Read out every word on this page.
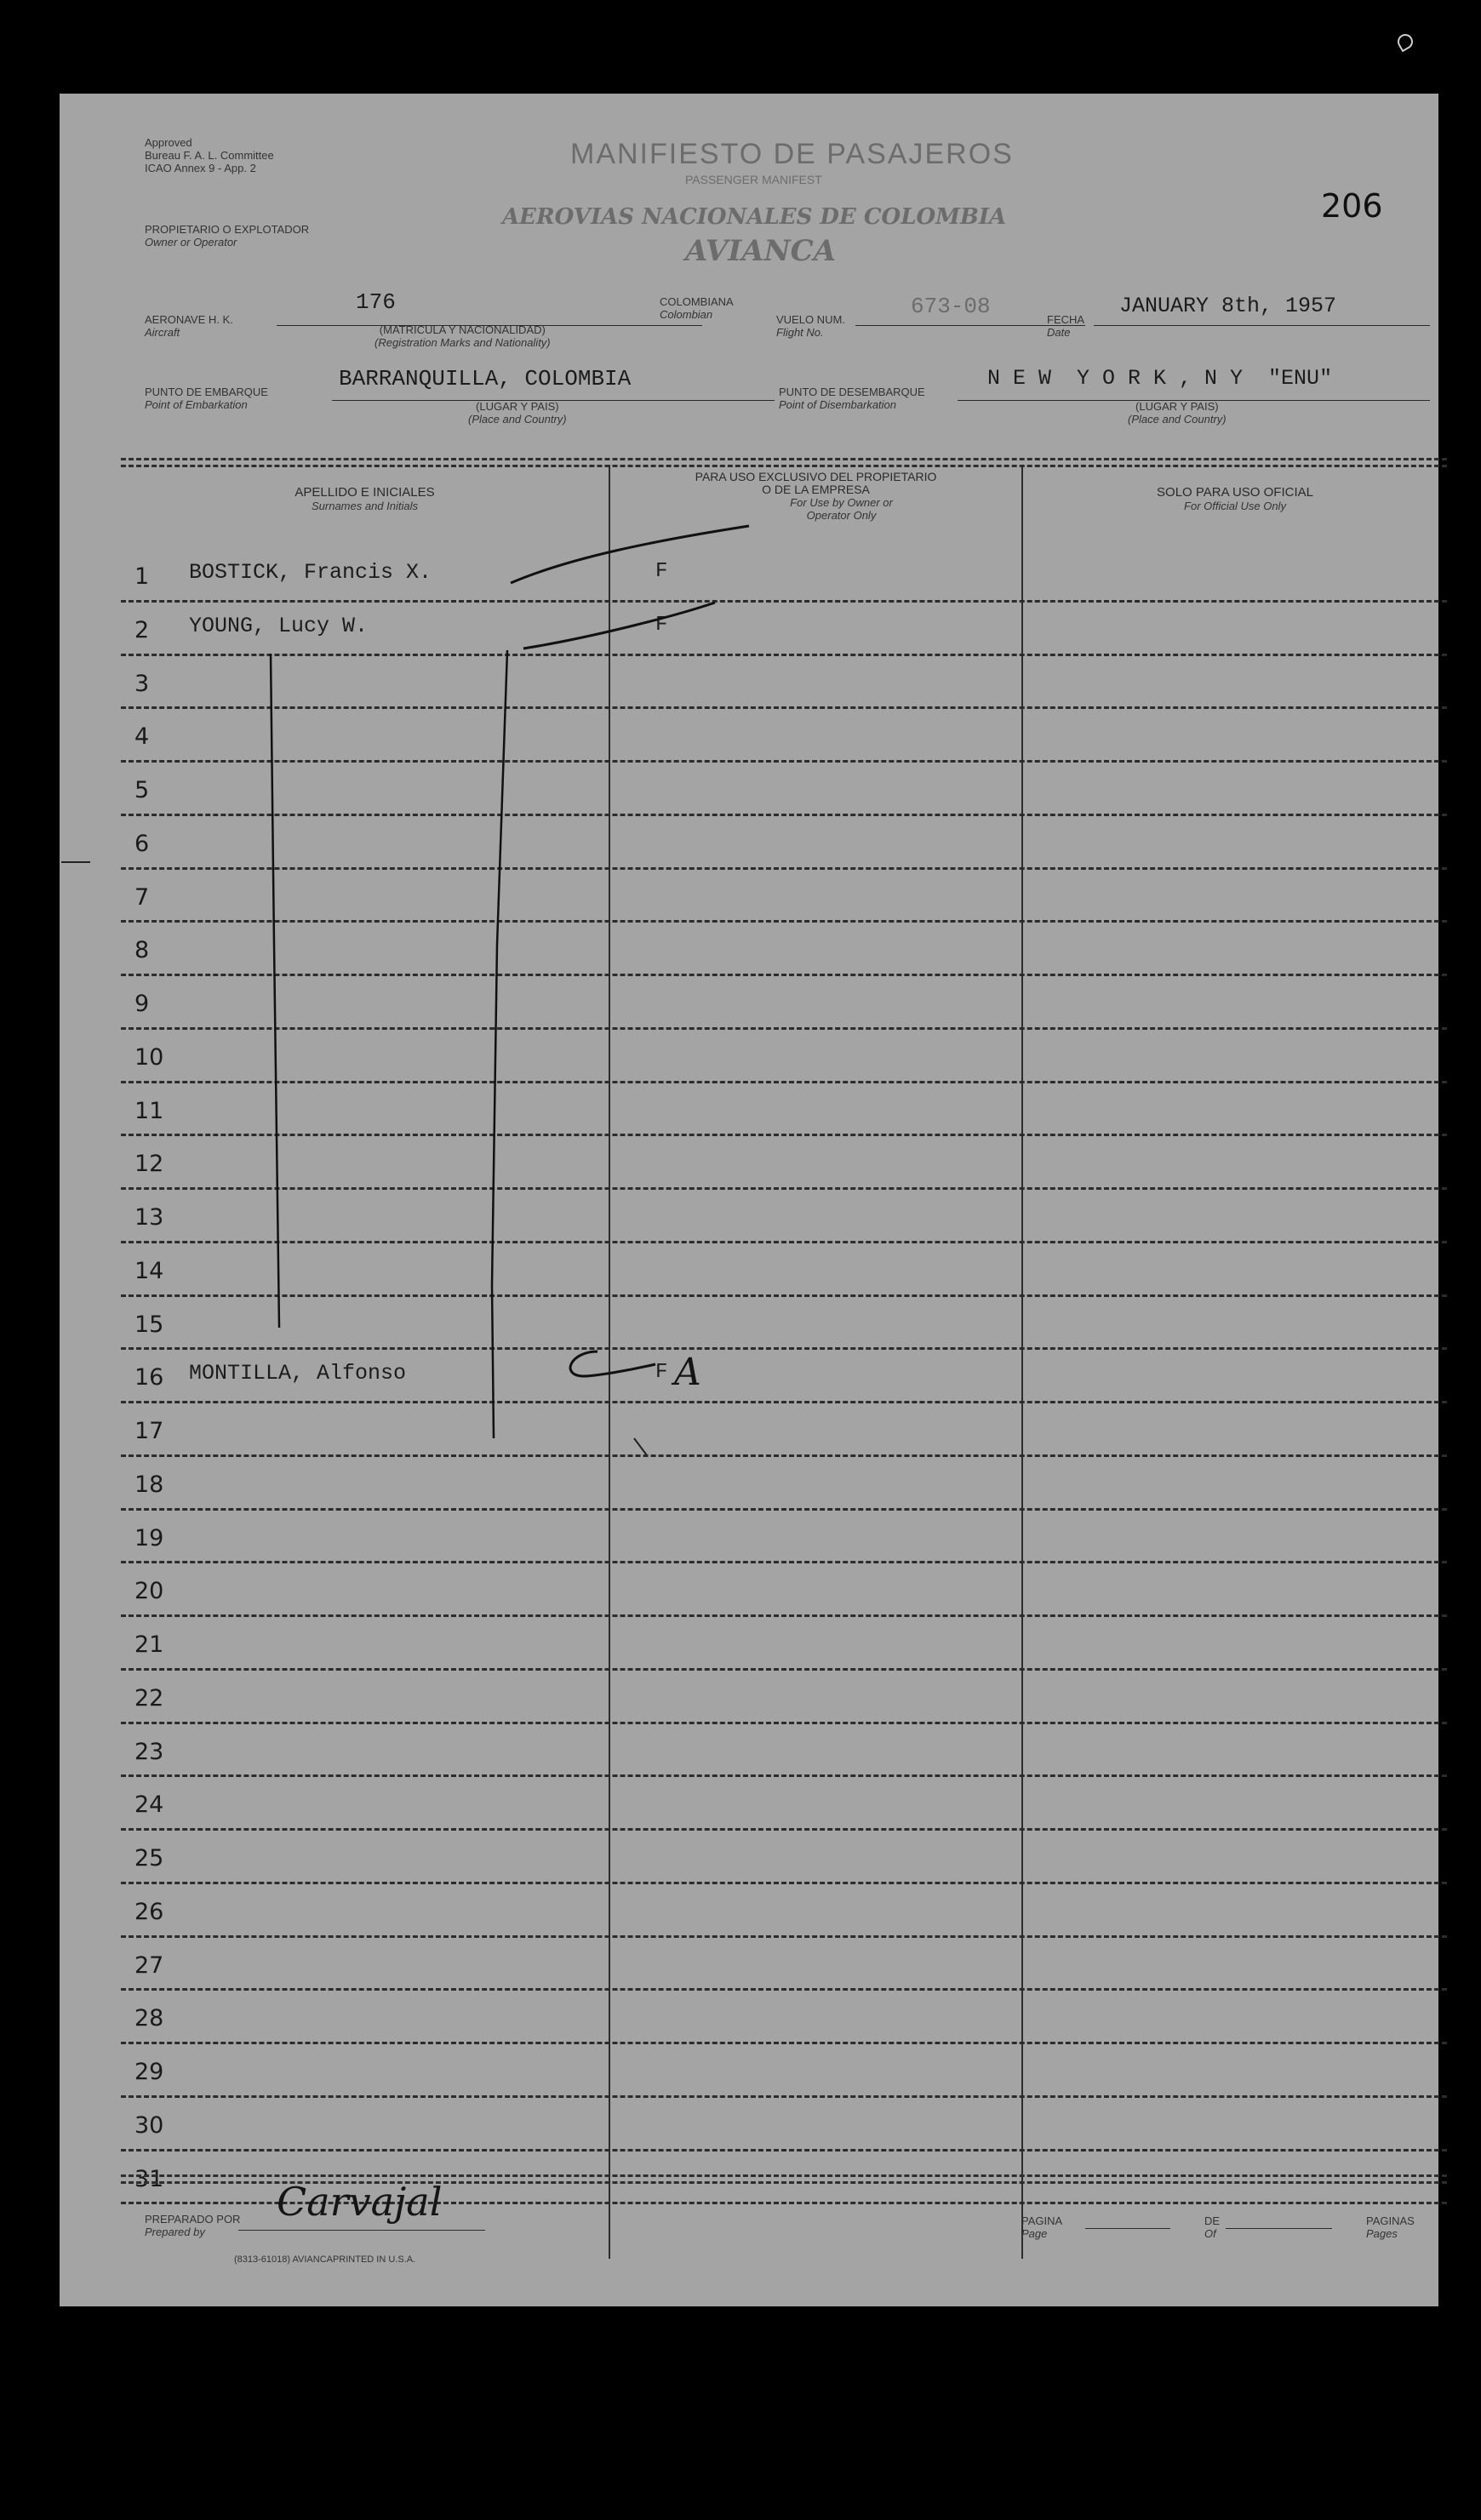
Approved
Bureau F. A. L. Committee
ICAO Annex 9 - App. 2	MANIFIESTO DE PASAJEROS
PASSENGER MANIFEST
AEROVIAS NACIONALES DE COLOMBIA
AVIANCA
206
PROPIETARIO O EXPLOTADOR
Owner or Operator
AERONAVE H. K.
Aircraft
176	COLOMBIANA
Colombian
(MATRICULA Y NACIONALIDAD)
(Registration Marks and Nationality)
VUELO NUM.
Flight No.
673-08
FECHA
Date
JANUARY 8th, 1957
PUNTO DE EMBARQUE
Point of Embarkation
BARRANQUILLA, COLOMBIA
(LUGAR Y PAIS)
(Place and Country)
PUNTO DE DESEMBARQUE
Point of Disembarkation
N E W  Y O R K , N Y  "ENU"
(LUGAR Y PAIS)
(Place and Country)
APELLIDO E INICIALES
Surnames and Initials
PARA USO EXCLUSIVO DEL PROPIETARIO
O DE LA EMPRESA
For Use by Owner or
Operator Only
SOLO PARA USO OFICIAL
For Official Use Only
1 BOSTICK, Francis X.	F
2 YOUNG, Lucy W.	F
3
4
5
6
7
8
9
10
11
12
13
14
15
16 MONTILLA, Alfonso	F A
17
18
19
20
21
22
23
24
25
26
27
28
29
30
31
PREPARADO POR
Prepared by
Carvajal
(8313-61018) AVIANCAPRINTED IN U.S.A.
PAGINA
Page
DE
Of
PAGINAS
Pages
